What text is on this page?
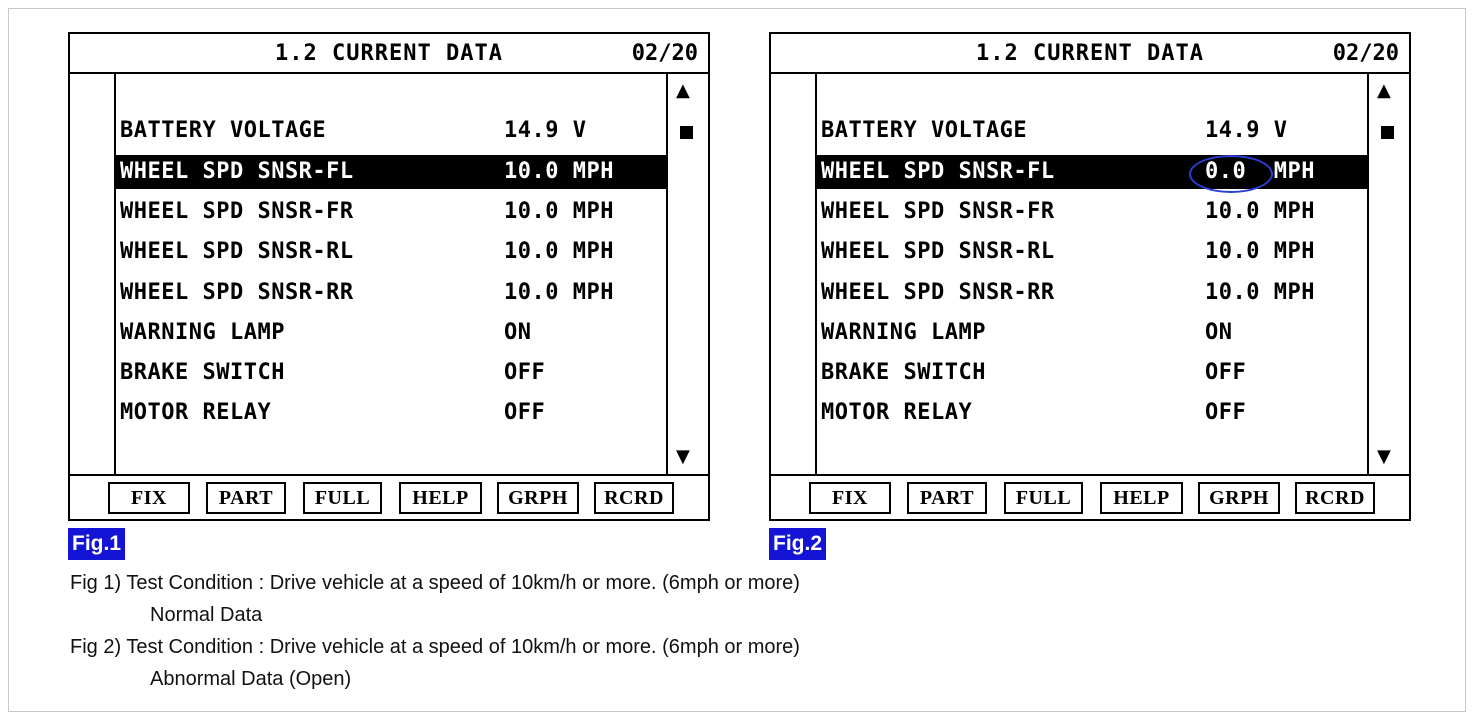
1.2 CURRENT DATA	02/20
BATTERY VOLTAGE	14.9 V
WHEEL SPD SNSR-FL	10.0 MPH
WHEEL SPD SNSR-FR	10.0 MPH
WHEEL SPD SNSR-RL	10.0 MPH
WHEEL SPD SNSR-RR	10.0 MPH
WARNING LAMP	ON
BRAKE SWITCH	OFF
MOTOR RELAY	OFF
▲
▼
FIX	PART	FULL	HELP	GRPH	RCRD
1.2 CURRENT DATA	02/20
BATTERY VOLTAGE	14.9 V
WHEEL SPD SNSR-FL	0.0  MPH
WHEEL SPD SNSR-FR	10.0 MPH
WHEEL SPD SNSR-RL	10.0 MPH
WHEEL SPD SNSR-RR	10.0 MPH
WARNING LAMP	ON
BRAKE SWITCH	OFF
MOTOR RELAY	OFF
▲
▼
FIX	PART	FULL	HELP	GRPH	RCRD
Fig.1	Fig.2
Fig 1) Test Condition : Drive vehicle at a speed of 10km/h or more. (6mph or more)
Normal Data
Fig 2) Test Condition : Drive vehicle at a speed of 10km/h or more. (6mph or more)
Abnormal Data (Open)
